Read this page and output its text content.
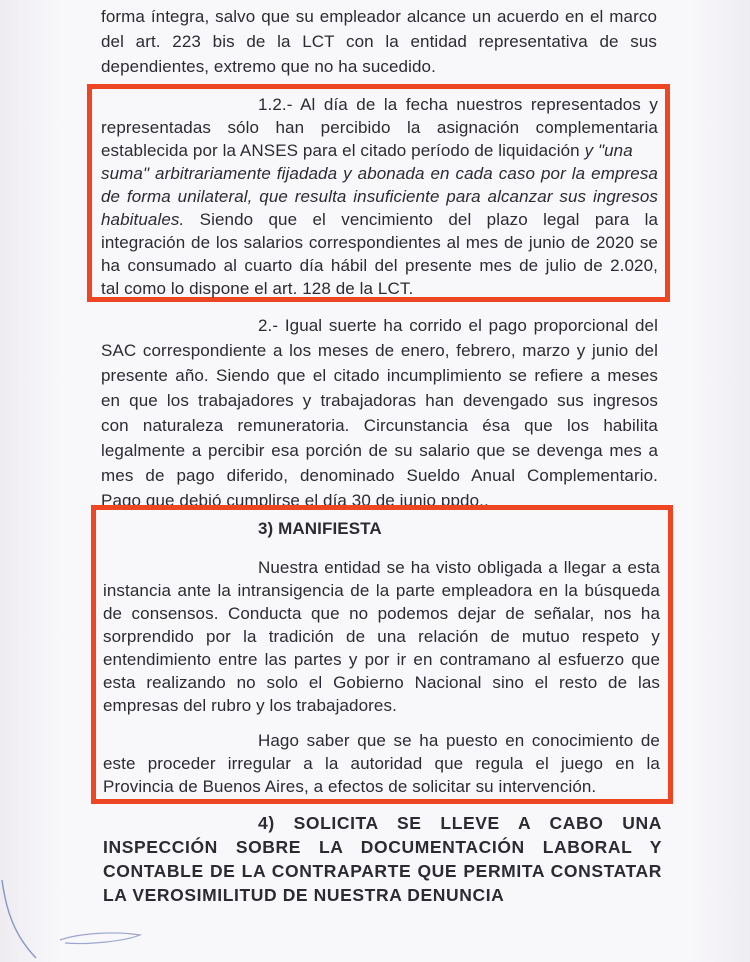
forma íntegra, salvo que su empleador alcance un acuerdo en el marco
del art. 223 bis de la LCT con la entidad representativa de sus
dependientes, extremo que no ha sucedido.
1.2.- Al día de la fecha nuestros representados y
representadas sólo han percibido la asignación complementaria
establecida por la ANSES para el citado período de liquidación y "una
suma" arbitrariamente fijadada y abonada en cada caso por la empresa
de forma unilateral, que resulta insuficiente para alcanzar sus ingresos
habituales. Siendo que el vencimiento del plazo legal para la
integración de los salarios correspondientes al mes de junio de 2020 se
ha consumado al cuarto día hábil del presente mes de julio de 2.020,
tal como lo dispone el art. 128 de la LCT.
2.- Igual suerte ha corrido el pago proporcional del
SAC correspondiente a los meses de enero, febrero, marzo y junio del
presente año. Siendo que el citado incumplimiento se refiere a meses
en que los trabajadores y trabajadoras han devengado sus ingresos
con naturaleza remuneratoria. Circunstancia ésa que los habilita
legalmente a percibir esa porción de su salario que se devenga mes a
mes de pago diferido, denominado Sueldo Anual Complementario.
Pago que debió cumplirse el día 30 de junio ppdo..
3) MANIFIESTA
Nuestra entidad se ha visto obligada a llegar a esta
instancia ante la intransigencia de la parte empleadora en la búsqueda
de consensos. Conducta que no podemos dejar de señalar, nos ha
sorprendido por la tradición de una relación de mutuo respeto y
entendimiento entre las partes y por ir en contramano al esfuerzo que
esta realizando no solo el Gobierno Nacional sino el resto de las
empresas del rubro y los trabajadores.
Hago saber que se ha puesto en conocimiento de
este proceder irregular a la autoridad que regula el juego en la
Provincia de Buenos Aires, a efectos de solicitar su intervención.
4) SOLICITA SE LLEVE A CABO UNA
INSPECCIÓN SOBRE LA DOCUMENTACIÓN LABORAL Y
CONTABLE DE LA CONTRAPARTE QUE PERMITA CONSTATAR
LA VEROSIMILITUD DE NUESTRA DENUNCIA
